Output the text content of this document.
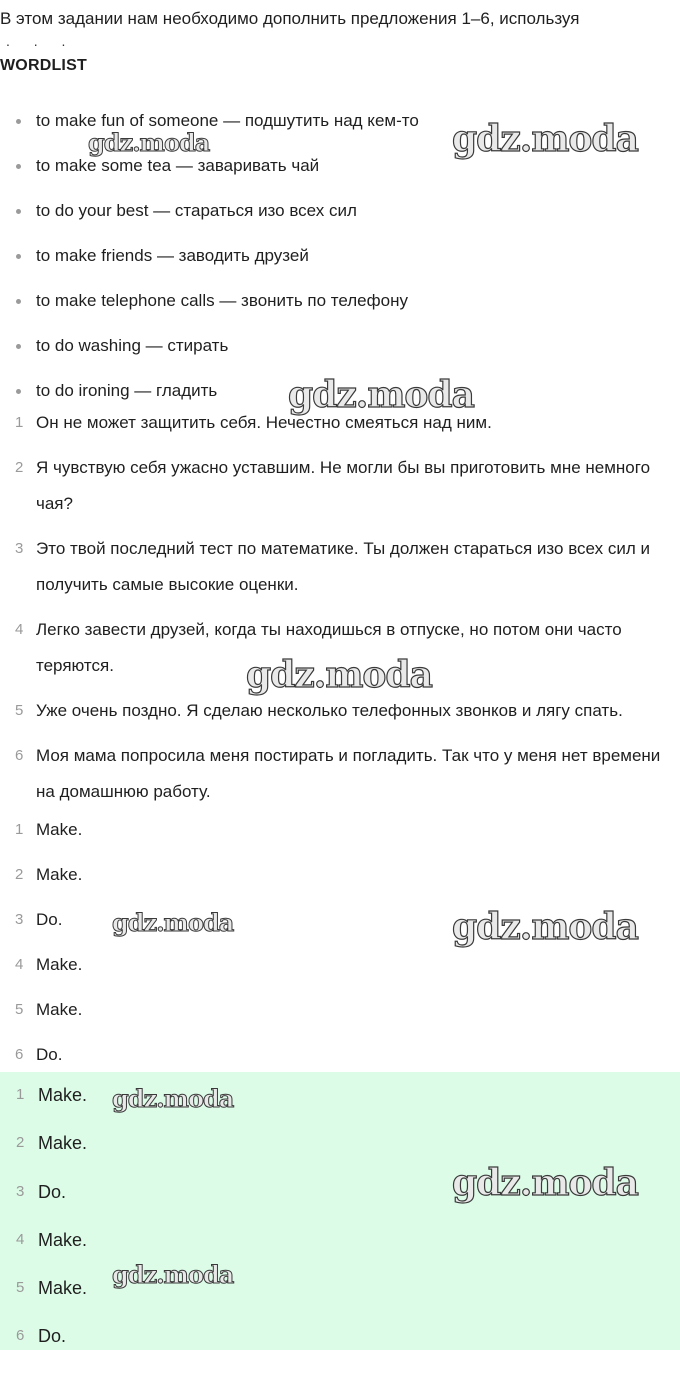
В этом задании нам необходимо дополнить предложения 1–6, используя
. . .
WORDLIST
to make fun of someone — подшутить над кем-то
to make some tea — заваривать чай
to do your best — стараться изо всех сил
to make friends — заводить друзей
to make telephone calls — звонить по телефону
to do washing — стирать
to do ironing — гладить
1 Он не может защитить себя. Нечестно смеяться над ним.
2 Я чувствую себя ужасно уставшим. Не могли бы вы приготовить мне немного чая?
3 Это твой последний тест по математике. Ты должен стараться изо всех сил и получить самые высокие оценки.
4 Легко завести друзей, когда ты находишься в отпуске, но потом они часто теряются.
5 Уже очень поздно. Я сделаю несколько телефонных звонков и лягу спать.
6 Моя мама попросила меня постирать и погладить. Так что у меня нет времени на домашнюю работу.
1 Make.
2 Make.
3 Do.
4 Make.
5 Make.
6 Do.
1 Make.
2 Make.
3 Do.
4 Make.
5 Make.
6 Do.
gdz.moda	gdz.moda
gdz.moda
gdz.moda
gdz.moda	gdz.moda
gdz.moda
gdz.moda
gdz.moda
